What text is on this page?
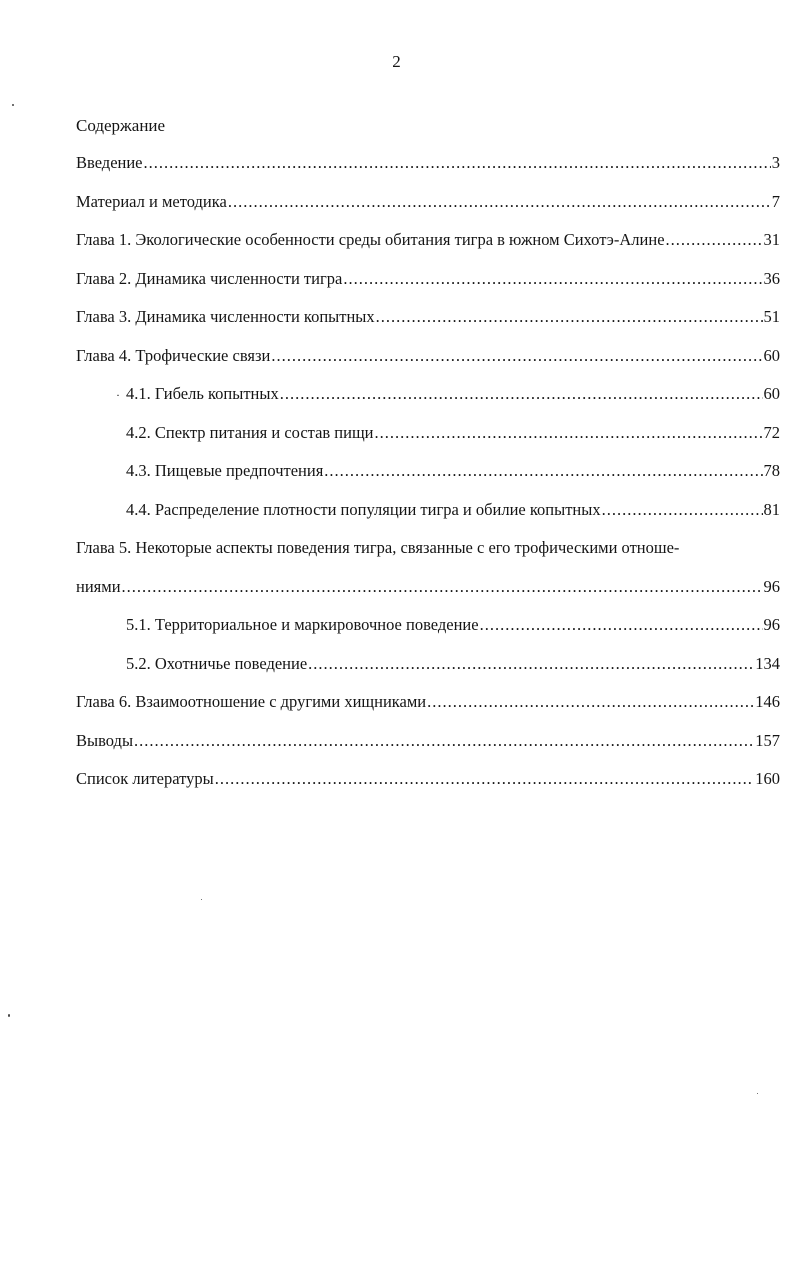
2
Содержание
·
Введение .....	3
Материал и методика .....	7
Глава 1. Экологические особенности среды обитания тигра в южном Сихотэ-Алине .....	31
Глава 2. Динамика численности тигра .....	36
Глава 3. Динамика численности копытных .....	51
Глава 4. Трофические связи .....	60
4.1. Гибель копытных .....	60
4.2. Спектр питания и состав пищи .....	72
4.3. Пищевые предпочтения .....	78
4.4. Распределение плотности популяции тигра и обилие копытных .....	81
Глава 5. Некоторые аспекты поведения тигра, связанные с его трофическими отноше-
ниями .....	96
5.1. Территориальное и маркировочное поведение .....	96
5.2. Охотничье поведение .....	134
Глава 6. Взаимоотношение с другими хищниками .....	146
Выводы .....	157
Список литературы .....	160
